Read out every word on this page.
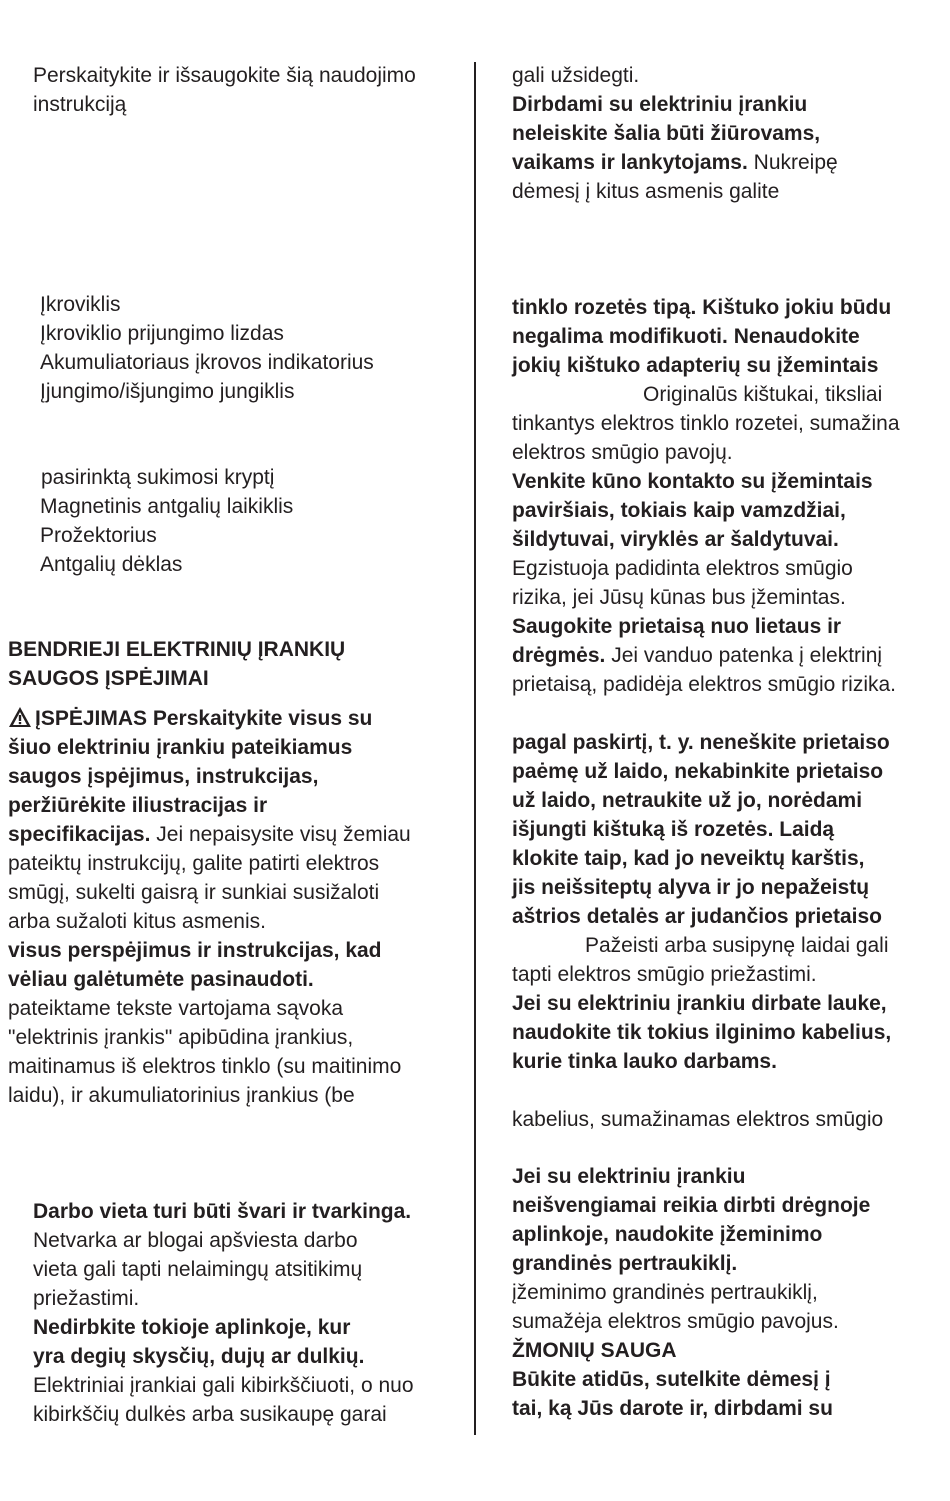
Perskaitykite ir išsaugokite šią naudojimo
instrukciją
Įkroviklis
Įkroviklio prijungimo lizdas
Akumuliatoriaus įkrovos indikatorius
Įjungimo/išjungimo jungiklis
pasirinktą sukimosi kryptį
Magnetinis antgalių laikiklis
Prožektorius
Antgalių dėklas
BENDRIEJI ELEKTRINIŲ ĮRANKIŲ
SAUGOS ĮSPĖJIMAI
ĮSPĖJIMAS Perskaitykite visus su
šiuo elektriniu įrankiu pateikiamus
saugos įspėjimus, instrukcijas,
peržiūrėkite iliustracijas ir
specifikacijas. Jei nepaisysite visų žemiau
pateiktų instrukcijų, galite patirti elektros
smūgį, sukelti gaisrą ir sunkiai susižaloti
arba sužaloti kitus asmenis.
visus perspėjimus ir instrukcijas, kad
vėliau galėtumėte pasinaudoti.
pateiktame tekste vartojama sąvoka
"elektrinis įrankis" apibūdina įrankius,
maitinamus iš elektros tinklo (su maitinimo
laidu), ir akumuliatorinius įrankius (be
Darbo vieta turi būti švari ir tvarkinga.
Netvarka ar blogai apšviesta darbo
vieta gali tapti nelaimingų atsitikimų
priežastimi.
Nedirbkite tokioje aplinkoje, kur
yra degių skysčių, dujų ar dulkių.
Elektriniai įrankiai gali kibirkščiuoti, o nuo
kibirkščių dulkės arba susikaupę garai
gali užsidegti.
Dirbdami su elektriniu įrankiu
neleiskite šalia būti žiūrovams,
vaikams ir lankytojams. Nukreipę
dėmesį į kitus asmenis galite
tinklo rozetės tipą. Kištuko jokiu būdu
negalima modifikuoti. Nenaudokite
jokių kištuko adapterių su įžemintais
Originalūs kištukai, tiksliai
tinkantys elektros tinklo rozetei, sumažina
elektros smūgio pavojų.
Venkite kūno kontakto su įžemintais
paviršiais, tokiais kaip vamzdžiai,
šildytuvai, viryklės ar šaldytuvai.
Egzistuoja padidinta elektros smūgio
rizika, jei Jūsų kūnas bus įžemintas.
Saugokite prietaisą nuo lietaus ir
drėgmės. Jei vanduo patenka į elektrinį
prietaisą, padidėja elektros smūgio rizika.
pagal paskirtį, t. y. neneškite prietaiso
paėmę už laido, nekabinkite prietaiso
už laido, netraukite už jo, norėdami
išjungti kištuką iš rozetės. Laidą
klokite taip, kad jo neveiktų karštis,
jis neišsiteptų alyva ir jo nepažeistų
aštrios detalės ar judančios prietaiso
Pažeisti arba susipynę laidai gali
tapti elektros smūgio priežastimi.
Jei su elektriniu įrankiu dirbate lauke,
naudokite tik tokius ilginimo kabelius,
kurie tinka lauko darbams.
kabelius, sumažinamas elektros smūgio
Jei su elektriniu įrankiu
neišvengiamai reikia dirbti drėgnoje
aplinkoje, naudokite įžeminimo
grandinės pertraukiklį.
įžeminimo grandinės pertraukiklį,
sumažėja elektros smūgio pavojus.
ŽMONIŲ SAUGA
Būkite atidūs, sutelkite dėmesį į
tai, ką Jūs darote ir, dirbdami su
